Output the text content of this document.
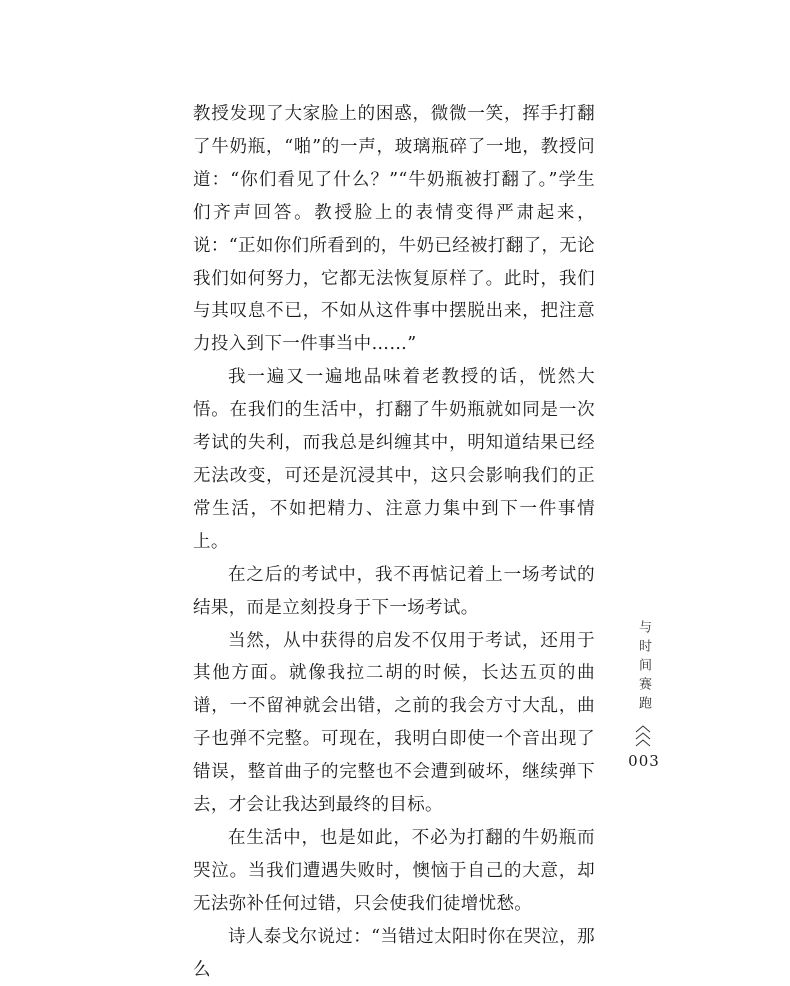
教授发现了大家脸上的困惑，微微一笑，挥手打翻了牛奶瓶，“啪”的一声，玻璃瓶碎了一地，教授问道：“你们看见了什么？”“牛奶瓶被打翻了。”学生们齐声回答。教授脸上的表情变得严肃起来，说：“正如你们所看到的，牛奶已经被打翻了，无论我们如何努力，它都无法恢复原样了。此时，我们与其叹息不已，不如从这件事中摆脱出来，把注意力投入到下一件事当中……”

我一遍又一遍地品味着老教授的话，恍然大悟。在我们的生活中，打翻了牛奶瓶就如同是一次考试的失利，而我总是纠缠其中，明知道结果已经无法改变，可还是沉浸其中，这只会影响我们的正常生活，不如把精力、注意力集中到下一件事情上。

在之后的考试中，我不再惦记着上一场考试的结果，而是立刻投身于下一场考试。

当然，从中获得的启发不仅用于考试，还用于其他方面。就像我拉二胡的时候，长达五页的曲谱，一不留神就会出错，之前的我会方寸大乱，曲子也弹不完整。可现在，我明白即使一个音出现了错误，整首曲子的完整也不会遭到破坏，继续弹下去，才会让我达到最终的目标。

在生活中，也是如此，不必为打翻的牛奶瓶而哭泣。当我们遭遇失败时，懊恼于自己的大意，却无法弥补任何过错，只会使我们徒增忧愁。

诗人泰戈尔说过：“当错过太阳时你在哭泣，那么

与时间赛跑
003
